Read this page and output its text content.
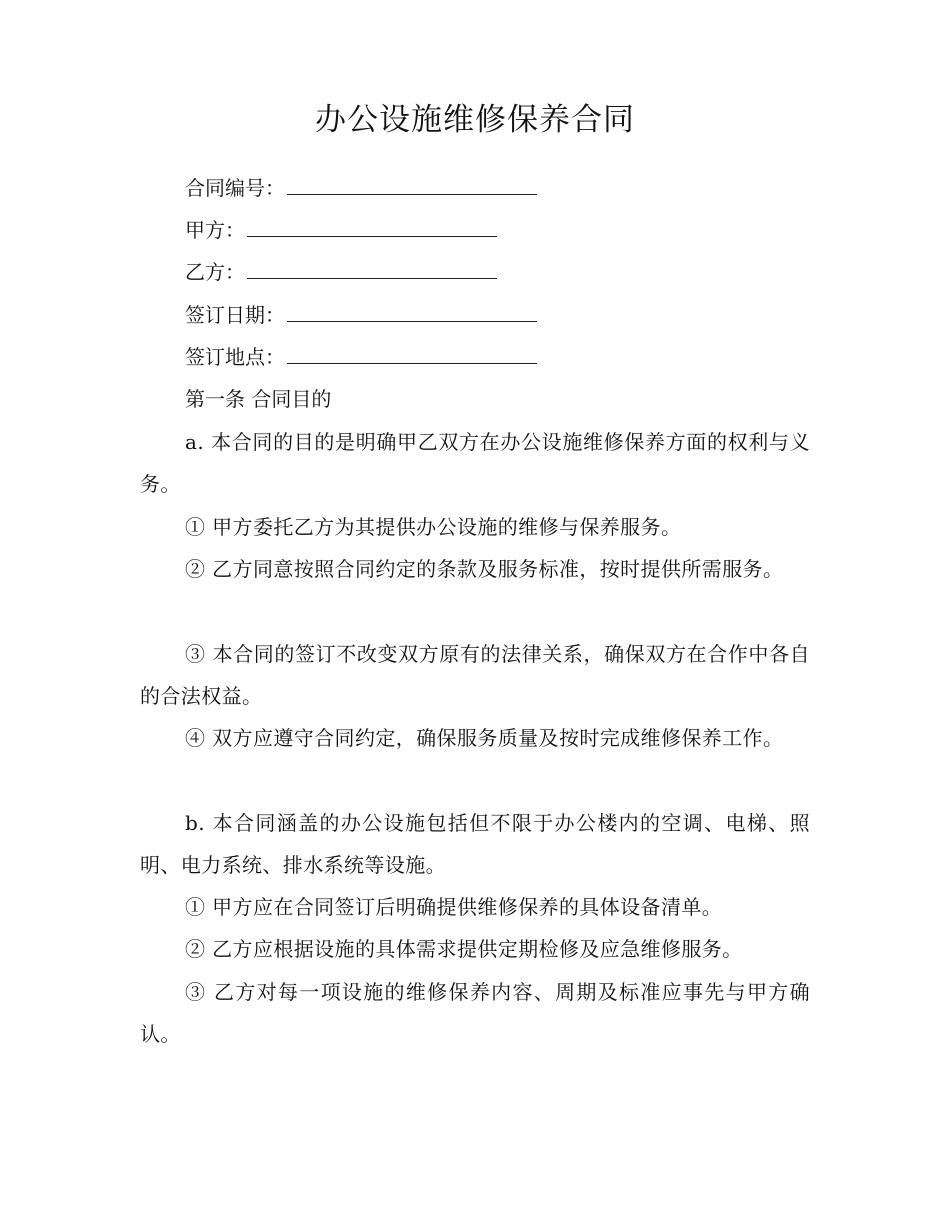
办公设施维修保养合同
合同编号：
甲方：
乙方：
签订日期：
签订地点：
第一条 合同目的
a. 本合同的目的是明确甲乙双方在办公设施维修保养方面的权利与义务。
① 甲方委托乙方为其提供办公设施的维修与保养服务。
② 乙方同意按照合同约定的条款及服务标准，按时提供所需服务。
③ 本合同的签订不改变双方原有的法律关系，确保双方在合作中各自的合法权益。
④ 双方应遵守合同约定，确保服务质量及按时完成维修保养工作。
b. 本合同涵盖的办公设施包括但不限于办公楼内的空调、电梯、照明、电力系统、排水系统等设施。
① 甲方应在合同签订后明确提供维修保养的具体设备清单。
② 乙方应根据设施的具体需求提供定期检修及应急维修服务。
③ 乙方对每一项设施的维修保养内容、周期及标准应事先与甲方确认。
